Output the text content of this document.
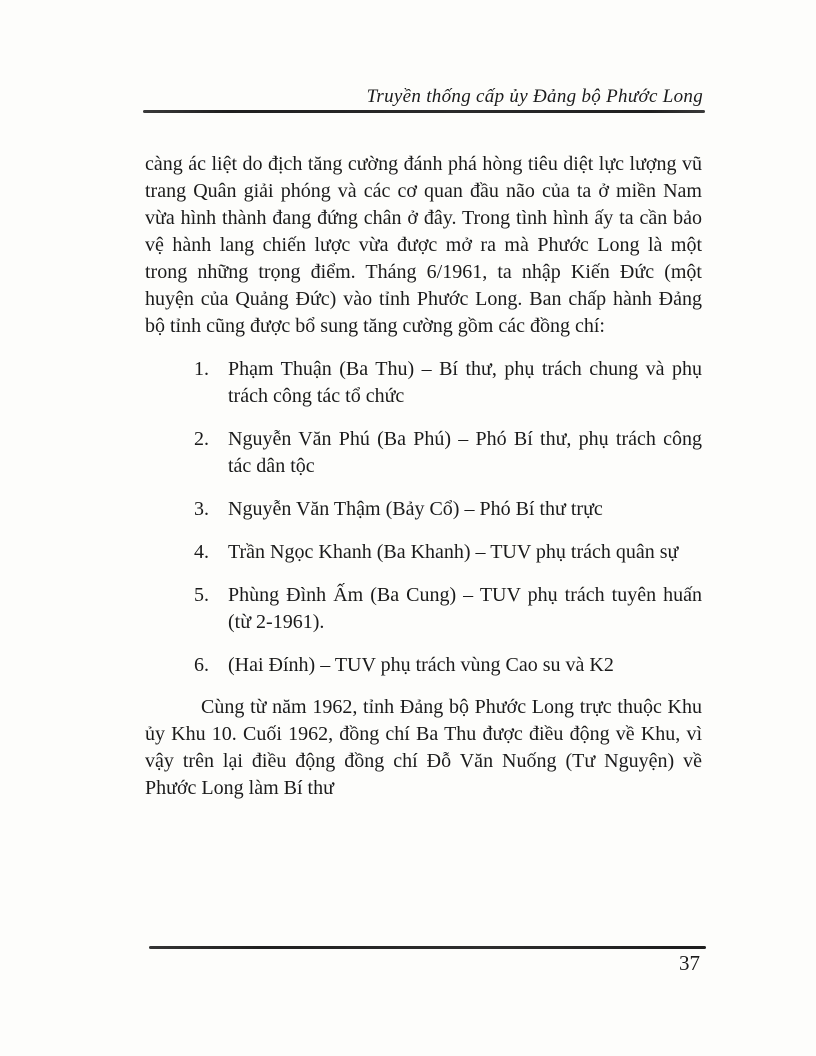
Truyền thống cấp ủy Đảng bộ Phước Long

càng ác liệt do địch tăng cường đánh phá hòng tiêu diệt lực lượng vũ trang Quân giải phóng và các cơ quan đầu não của ta ở miền Nam vừa hình thành đang đứng chân ở đây. Trong tình hình ấy ta cần bảo vệ hành lang chiến lược vừa được mở ra mà Phước Long là một trong những trọng điểm. Tháng 6/1961, ta nhập Kiến Đức (một huyện của Quảng Đức) vào tỉnh Phước Long. Ban chấp hành Đảng bộ tỉnh cũng được bổ sung tăng cường gồm các đồng chí:

1. Phạm Thuận (Ba Thu) – Bí thư, phụ trách chung và phụ trách công tác tổ chức
2. Nguyễn Văn Phú (Ba Phú) – Phó Bí thư, phụ trách công tác dân tộc
3. Nguyễn Văn Thậm (Bảy Cổ) – Phó Bí thư trực
4. Trần Ngọc Khanh (Ba Khanh) – TUV phụ trách quân sự
5. Phùng Đình Ấm (Ba Cung) – TUV phụ trách tuyên huấn (từ 2-1961).
6. (Hai Đính) – TUV phụ trách vùng Cao su và K2

Cùng từ năm 1962, tỉnh Đảng bộ Phước Long trực thuộc Khu ủy Khu 10. Cuối 1962, đồng chí Ba Thu được điều động về Khu, vì vậy trên lại điều động đồng chí Đỗ Văn Nuống (Tư Nguyện) về Phước Long làm Bí thư

37
